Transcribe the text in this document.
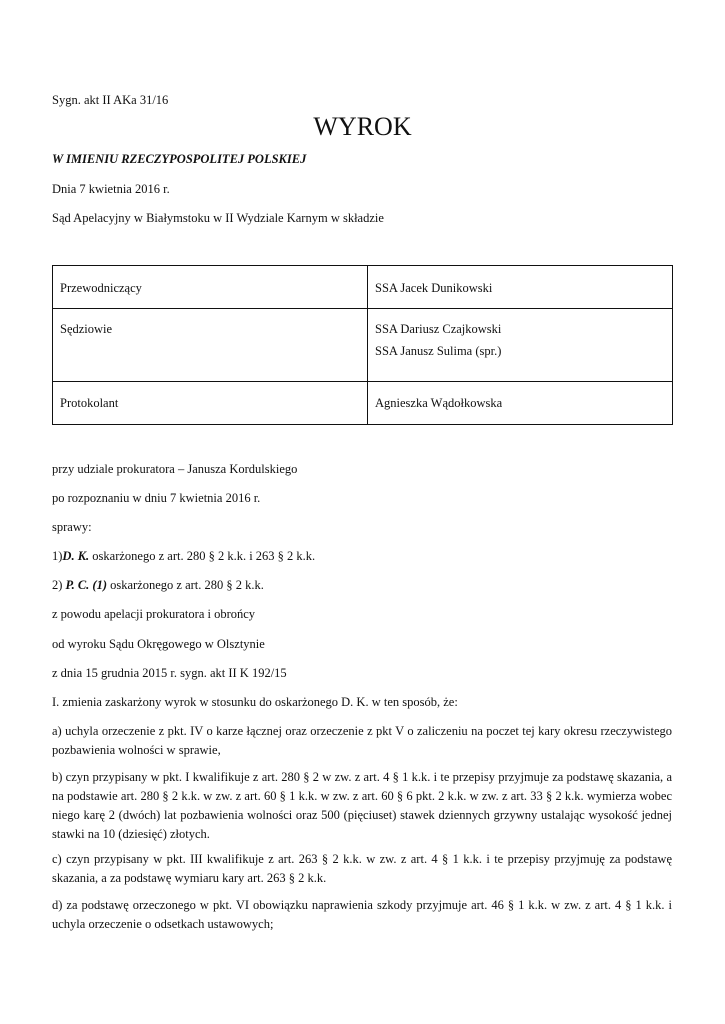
Sygn. akt II AKa 31/16
WYROK
W IMIENIU RZECZYPOSPOLITEJ POLSKIEJ
Dnia 7 kwietnia 2016 r.
Sąd Apelacyjny w Białymstoku w II Wydziale Karnym w składzie
Przewodniczący	SSA Jacek Dunikowski

Sędziowie	SSA Dariusz Czajkowski
SSA Janusz Sulima (spr.)

Protokolant	Agnieszka Wądołkowska
przy udziale prokuratora – Janusza Kordulskiego
po rozpoznaniu w dniu 7 kwietnia 2016 r.
sprawy:
1)D. K. oskarżonego z art. 280 § 2 k.k. i 263 § 2 k.k.
2) P. C. (1) oskarżonego z art. 280 § 2 k.k.
z powodu apelacji prokuratora i obrońcy
od wyroku Sądu Okręgowego w Olsztynie
z dnia 15 grudnia 2015 r. sygn. akt II K 192/15
I. zmienia zaskarżony wyrok w stosunku do oskarżonego D. K. w ten sposób, że:
a) uchyla orzeczenie z pkt. IV o karze łącznej oraz orzeczenie z pkt V o zaliczeniu na poczet tej kary okresu rzeczywistego pozbawienia wolności w sprawie,
b) czyn przypisany w pkt. I kwalifikuje z art. 280 § 2 w zw. z art. 4 § 1 k.k. i te przepisy przyjmuje za podstawę skazania, a na podstawie art. 280 § 2 k.k. w zw. z art. 60 § 1 k.k. w zw. z art. 60 § 6 pkt. 2 k.k. w zw. z art. 33 § 2 k.k. wymierza wobec niego karę 2 (dwóch) lat pozbawienia wolności oraz 500 (pięciuset) stawek dziennych grzywny ustalając wysokość jednej stawki na 10 (dziesięć) złotych.
c) czyn przypisany w pkt. III kwalifikuje z art. 263 § 2 k.k. w zw. z art. 4 § 1 k.k. i te przepisy przyjmuję za podstawę skazania, a za podstawę wymiaru kary art. 263 § 2 k.k.
d) za podstawę orzeczonego w pkt. VI obowiązku naprawienia szkody przyjmuje art. 46 § 1 k.k. w zw. z art. 4 § 1 k.k. i uchyla orzeczenie o odsetkach ustawowych;
